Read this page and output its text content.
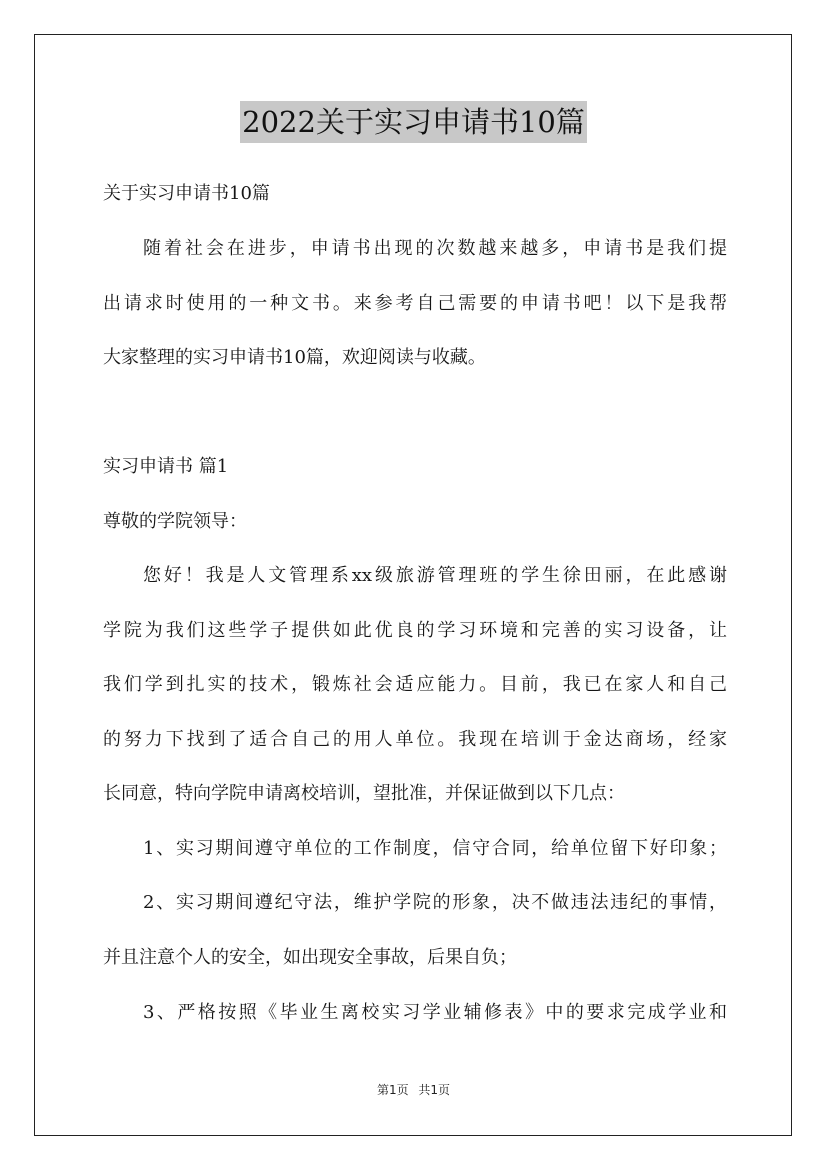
2022关于实习申请书10篇
关于实习申请书10篇
随着社会在进步，申请书出现的次数越来越多，申请书是我们提
出请求时使用的一种文书。来参考自己需要的申请书吧！以下是我帮
大家整理的实习申请书10篇，欢迎阅读与收藏。
实习申请书 篇1
尊敬的学院领导：
您好！我是人文管理系xx级旅游管理班的学生徐田丽，在此感谢
学院为我们这些学子提供如此优良的学习环境和完善的实习设备，让
我们学到扎实的技术，锻炼社会适应能力。目前，我已在家人和自己
的努力下找到了适合自己的用人单位。我现在培训于金达商场，经家
长同意，特向学院申请离校培训，望批准，并保证做到以下几点：
1、实习期间遵守单位的工作制度，信守合同，给单位留下好印象；
2、实习期间遵纪守法，维护学院的形象，决不做违法违纪的事情，
并且注意个人的安全，如出现安全事故，后果自负；
3、严格按照《毕业生离校实习学业辅修表》中的要求完成学业和
第1页 共1页
